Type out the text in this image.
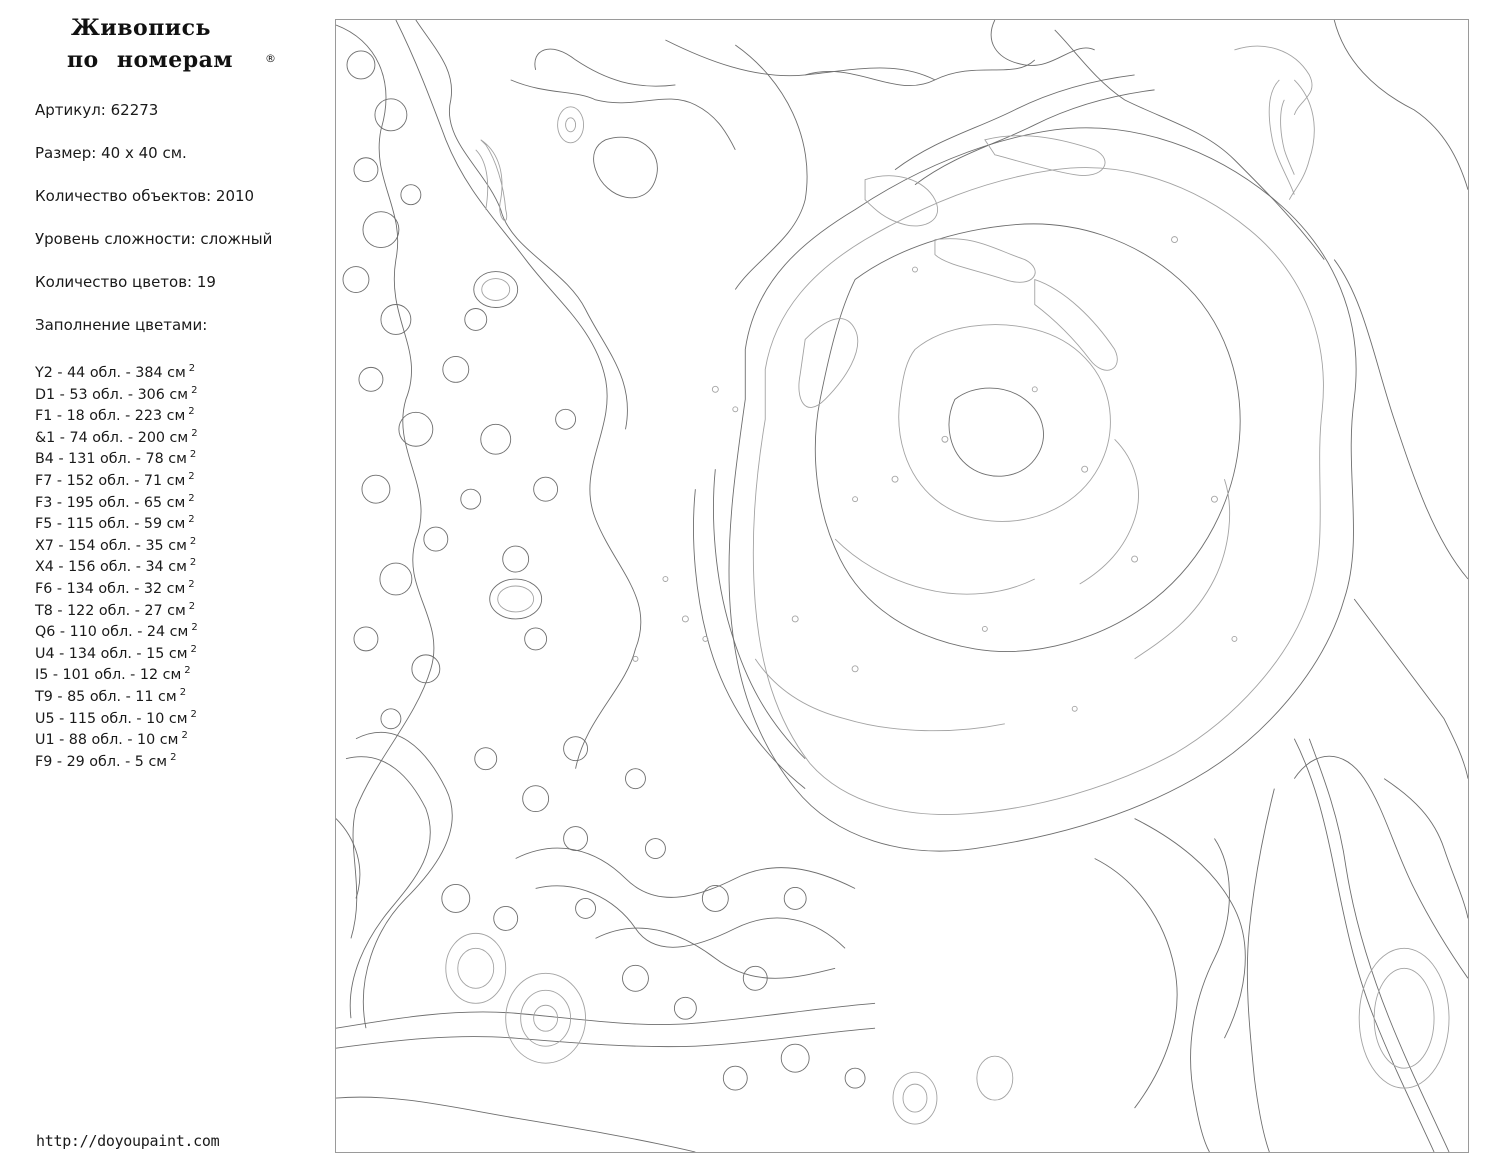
Живопись
по номерам	®
Артикул: 62273
Размер: 40 х 40 см.
Количество объектов: 2010
Уровень сложности: сложный
Количество цветов: 19
Заполнение цветами:
Y2 - 44 обл. - 384 см $^2$
D1 - 53 обл. - 306 см $^2$
F1 - 18 обл. - 223 см $^2$
&1 - 74 обл. - 200 см $^2$
B4 - 131 обл. - 78 см $^2$
F7 - 152 обл. - 71 см $^2$
F3 - 195 обл. - 65 см $^2$
F5 - 115 обл. - 59 см $^2$
X7 - 154 обл. - 35 см $^2$
X4 - 156 обл. - 34 см $^2$
F6 - 134 обл. - 32 см $^2$
T8 - 122 обл. - 27 см $^2$
Q6 - 110 обл. - 24 см $^2$
U4 - 134 обл. - 15 см $^2$
I5 - 101 обл. - 12 см $^2$
T9 - 85 обл. - 11 см $^2$
U5 - 115 обл. - 10 см $^2$
U1 - 88 обл. - 10 см $^2$
F9 - 29 обл. - 5 см $^2$
http://doyoupaint.com
